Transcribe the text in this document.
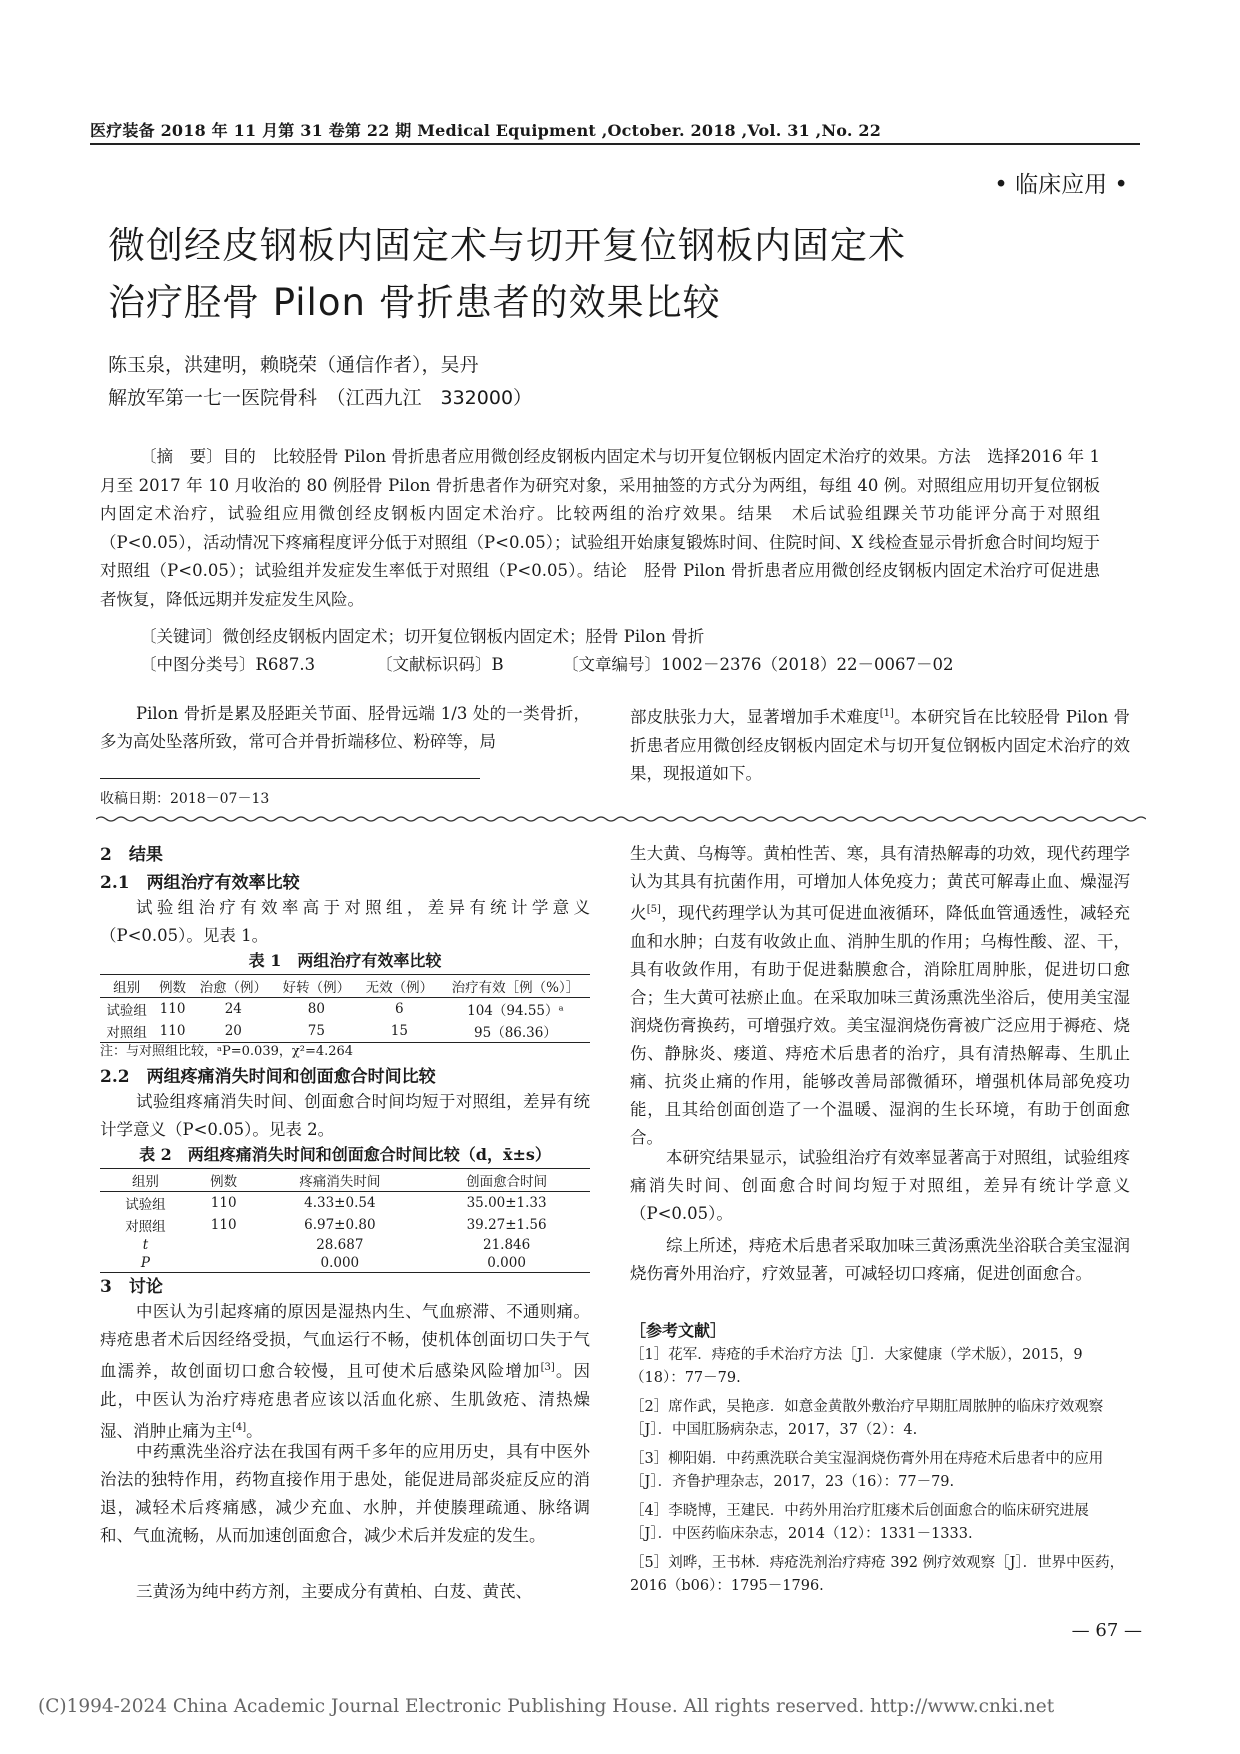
医疗装备 2018 年 11 月第 31 卷第 22 期 Medical Equipment ,October. 2018 ,Vol. 31 ,No. 22
• 临床应用 •
微创经皮钢板内固定术与切开复位钢板内固定术
治疗胫骨 Pilon 骨折患者的效果比较
陈玉泉，洪建明，赖晓荣（通信作者），吴丹
解放军第一七一医院骨科　（江西九江　332000）
〔摘　要〕目的　比较胫骨 Pilon 骨折患者应用微创经皮钢板内固定术与切开复位钢板内固定术治疗的效果。方法　选择2016 年 1 月至 2017 年 10 月收治的 80 例胫骨 Pilon 骨折患者作为研究对象，采用抽签的方式分为两组，每组 40 例。对照组应用切开复位钢板内固定术治疗，试验组应用微创经皮钢板内固定术治疗。比较两组的治疗效果。结果　术后试验组踝关节功能评分高于对照组（P<0.05），活动情况下疼痛程度评分低于对照组（P<0.05）；试验组开始康复锻炼时间、住院时间、X 线检查显示骨折愈合时间均短于对照组（P<0.05）；试验组并发症发生率低于对照组（P<0.05）。结论　胫骨 Pilon 骨折患者应用微创经皮钢板内固定术治疗可促进患者恢复，降低远期并发症发生风险。
〔关键词〕微创经皮钢板内固定术；切开复位钢板内固定术；胫骨 Pilon 骨折
〔中图分类号〕R687.3	〔文献标识码〕B	〔文章编号〕1002－2376（2018）22－0067－02
Pilon 骨折是累及胫距关节面、胫骨远端 1/3 处的一类骨折，多为高处坠落所致，常可合并骨折端移位、粉碎等，局
部皮肤张力大，显著增加手术难度[1]。本研究旨在比较胫骨 Pilon 骨折患者应用微创经皮钢板内固定术与切开复位钢板内固定术治疗的效果，现报道如下。
收稿日期：2018－07－13
2　结果
2.1　两组治疗有效率比较
试验组治疗有效率高于对照组，差异有统计学意义（P<0.05）。见表 1。
表 1　两组治疗有效率比较
组别	例数	治愈（例）	好转（例）	无效（例）	治疗有效［例（%）］
试验组	110	24	80	6	104（94.55）ᵃ
对照组	110	20	75	15	95（86.36）
注：与对照组比较，ᵃP=0.039，χ²=4.264
2.2　两组疼痛消失时间和创面愈合时间比较
试验组疼痛消失时间、创面愈合时间均短于对照组，差异有统计学意义（P<0.05）。见表 2。
表 2　两组疼痛消失时间和创面愈合时间比较（d，x̄±s）
组别	例数	疼痛消失时间	创面愈合时间
试验组	110	4.33±0.54	35.00±1.33
对照组	110	6.97±0.80	39.27±1.56
t		28.687	21.846
P		0.000	0.000
3　讨论
中医认为引起疼痛的原因是湿热内生、气血瘀滞、不通则痛。痔疮患者术后因经络受损，气血运行不畅，使机体创面切口失于气血濡养，故创面切口愈合较慢，且可使术后感染风险增加[3]。因此，中医认为治疗痔疮患者应该以活血化瘀、生肌敛疮、清热燥湿、消肿止痛为主[4]。
中药熏洗坐浴疗法在我国有两千多年的应用历史，具有中医外治法的独特作用，药物直接作用于患处，能促进局部炎症反应的消退，减轻术后疼痛感，减少充血、水肿，并使腠理疏通、脉络调和、气血流畅，从而加速创面愈合，减少术后并发症的发生。
三黄汤为纯中药方剂，主要成分有黄柏、白芨、黄芪、
生大黄、乌梅等。黄柏性苦、寒，具有清热解毒的功效，现代药理学认为其具有抗菌作用，可增加人体免疫力；黄芪可解毒止血、燥湿泻火[5]，现代药理学认为其可促进血液循环，降低血管通透性，减轻充血和水肿；白芨有收敛止血、消肿生肌的作用；乌梅性酸、涩、干，具有收敛作用，有助于促进黏膜愈合，消除肛周肿胀，促进切口愈合；生大黄可祛瘀止血。在采取加味三黄汤熏洗坐浴后，使用美宝湿润烧伤膏换药，可增强疗效。美宝湿润烧伤膏被广泛应用于褥疮、烧伤、静脉炎、瘘道、痔疮术后患者的治疗，具有清热解毒、生肌止痛、抗炎止痛的作用，能够改善局部微循环，增强机体局部免疫功能，且其给创面创造了一个温暖、湿润的生长环境，有助于创面愈合。
本研究结果显示，试验组治疗有效率显著高于对照组，试验组疼痛消失时间、创面愈合时间均短于对照组，差异有统计学意义（P<0.05）。
综上所述，痔疮术后患者采取加味三黄汤熏洗坐浴联合美宝湿润烧伤膏外用治疗，疗效显著，可减轻切口疼痛，促进创面愈合。
［参考文献］
［1］花军．痔疮的手术治疗方法［J］．大家健康（学术版），2015，9（18）：77－79.
［2］席作武，吴艳彦．如意金黄散外敷治疗早期肛周脓肿的临床疗效观察［J］．中国肛肠病杂志，2017，37（2）：4.
［3］柳阳娟．中药熏洗联合美宝湿润烧伤膏外用在痔疮术后患者中的应用［J］．齐鲁护理杂志，2017，23（16）：77－79.
［4］李晓博，王建民．中药外用治疗肛瘘术后创面愈合的临床研究进展［J］．中医药临床杂志，2014（12）：1331－1333.
［5］刘晔，王书林．痔疮洗剂治疗痔疮 392 例疗效观察［J］．世界中医药，2016（b06）：1795－1796.
— 67 —
(C)1994-2024 China Academic Journal Electronic Publishing House. All rights reserved. http://www.cnki.net
